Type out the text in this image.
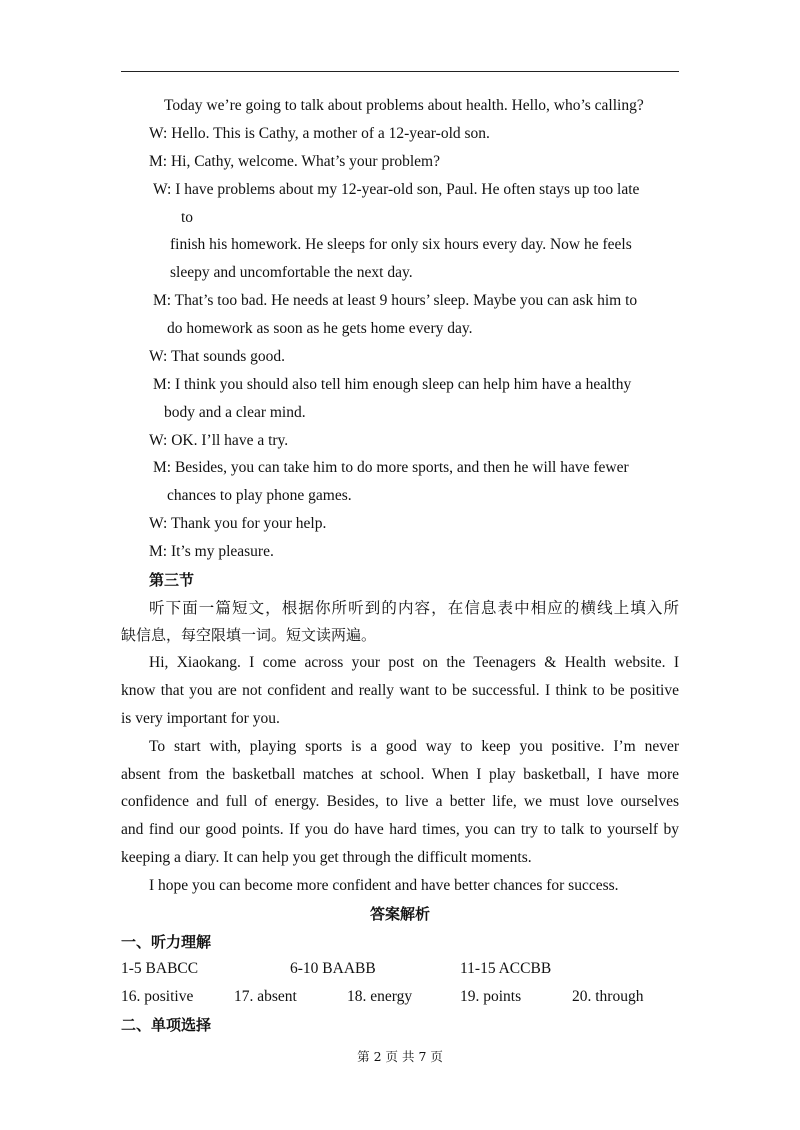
Today we’re going to talk about problems about health. Hello, who’s calling?
W: Hello. This is Cathy, a mother of a 12-year-old son.
M: Hi, Cathy, welcome. What’s your problem?
W: I have problems about my 12-year-old son, Paul. He often stays up too late
to
finish his homework. He sleeps for only six hours every day. Now he feels
sleepy and uncomfortable the next day.
M: That’s too bad. He needs at least 9 hours’ sleep. Maybe you can ask him to
do homework as soon as he gets home every day.
W: That sounds good.
M: I think you should also tell him enough sleep can help him have a healthy
body and a clear mind.
W: OK. I’ll have a try.
M: Besides, you can take him to do more sports, and then he will have fewer
chances to play phone games.
W: Thank you for your help.
M: It’s my pleasure.
第三节
听下面一篇短文，根据你所听到的内容，在信息表中相应的横线上填入所
缺信息，每空限填一词。短文读两遍。
Hi, Xiaokang. I come across your post on the Teenagers & Health website. I
know that you are not confident and really want to be successful. I think to be positive
is very important for you.
To start with, playing sports is a good way to keep you positive. I’m never
absent from the basketball matches at school. When I play basketball, I have more
confidence and full of energy. Besides, to live a better life, we must love ourselves
and find our good points. If you do have hard times, you can try to talk to yourself by
keeping a diary. It can help you get through the difficult moments.
I hope you can become more confident and have better chances for success.
答案解析
一、听力理解
1-5 BABCC	6-10 BAABB	11-15 ACCBB
16. positive	17. absent	18. energy	19. points	20. through
二、单项选择
第 2 页 共 7 页
